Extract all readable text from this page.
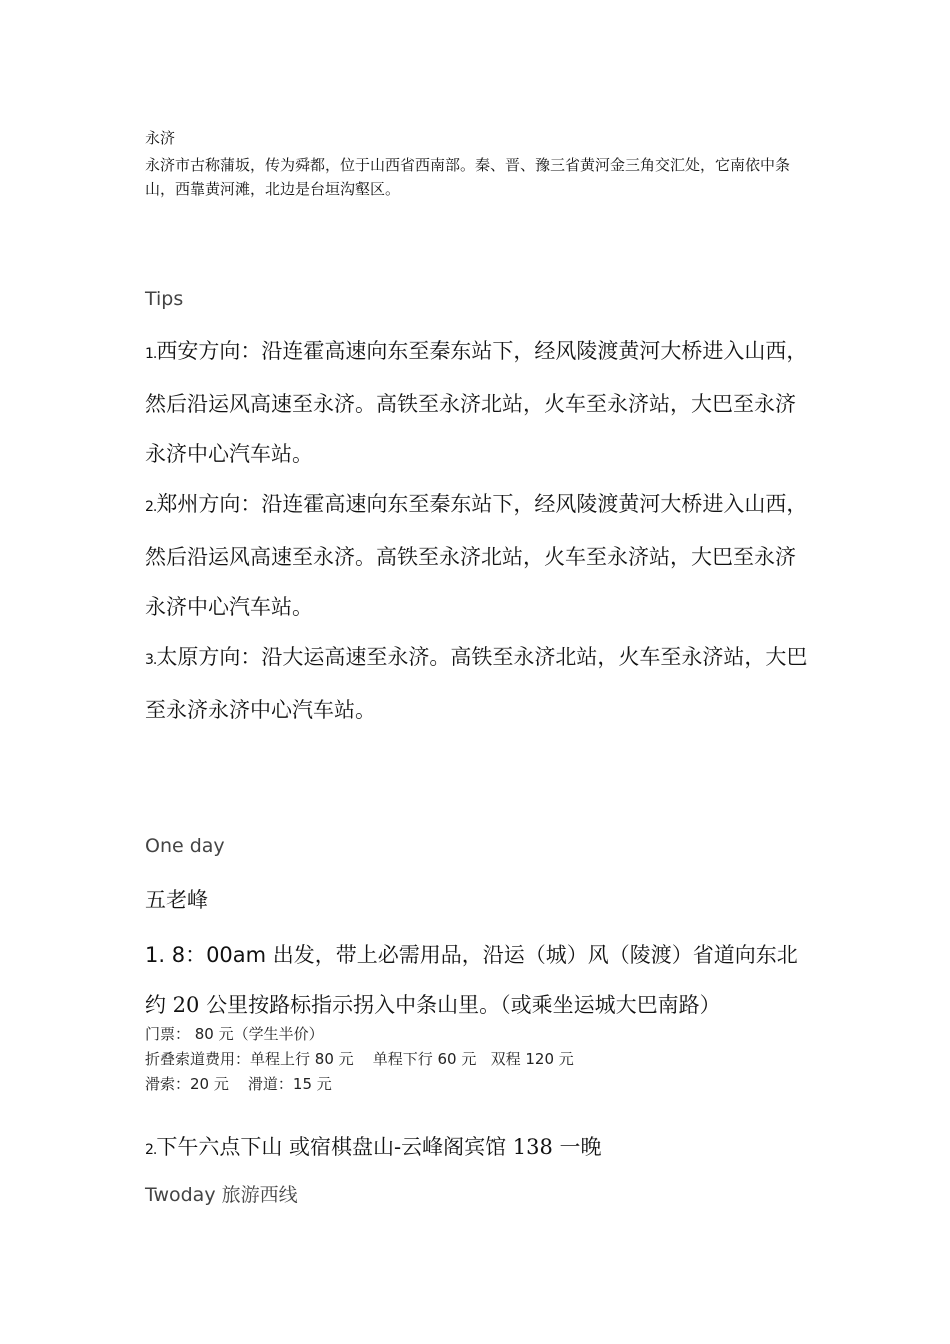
永济
永济市古称蒲坂，传为舜都，位于山西省西南部。秦、晋、豫三省黄河金三角交汇处，它南依中条山，西靠黄河滩，北边是台垣沟壑区。
Tips

1.西安方向：沿连霍高速向东至秦东站下，经风陵渡黄河大桥进入山西，然后沿运风高速至永济。高铁至永济北站，火车至永济站，大巴至永济永济中心汽车站。

2.郑州方向：沿连霍高速向东至秦东站下，经风陵渡黄河大桥进入山西，然后沿运风高速至永济。高铁至永济北站，火车至永济站，大巴至永济永济中心汽车站。

3.太原方向：沿大运高速至永济。高铁至永济北站，火车至永济站，大巴至永济永济中心汽车站。

One day
五老峰
1. 8：00am 出发，带上必需用品，沿运（城）风（陵渡）省道向东北约 20 公里按路标指示拐入中条山里。（或乘坐运城大巴南路）
门票： 80 元（学生半价）
折叠索道费用：单程上行 80 元    单程下行 60 元   双程 120 元
滑索：20 元    滑道：15 元
2.下午六点下山 或宿棋盘山-云峰阁宾馆 138 一晚
Twoday 旅游西线
